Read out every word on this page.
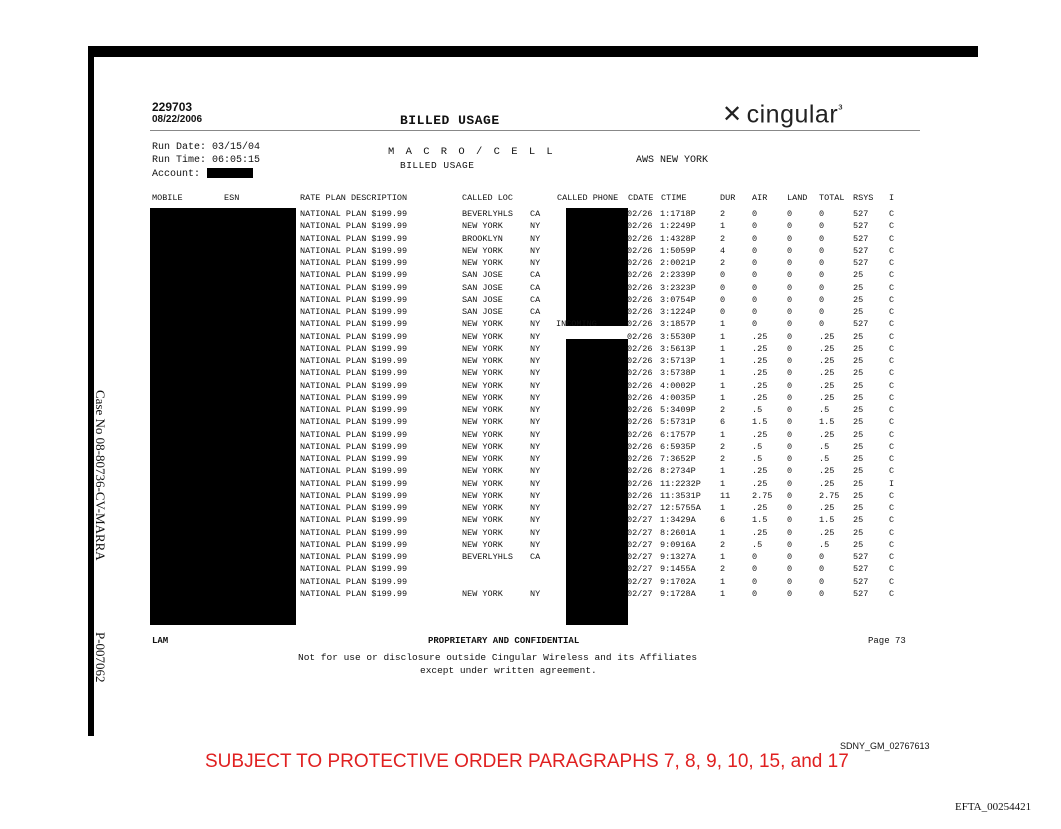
229703
08/22/2006	BILLED USAGE	✕ cingular$^ᵌ$
Run Date: 03/15/04
Run Time: 06:05:15
Account:
M A C R O / C E L L
BILLED USAGE	AWS NEW YORK
MOBILE	ESN	RATE PLAN DESCRIPTION	CALLED LOC	CALLED PHONE CDATE CTIME	DUR AIR LAND TOTAL RSYS I
NATIONAL PLAN $199.99	BEVERLYHLS CA	02/26 1:1718P	2	0	0	0	527 C
NATIONAL PLAN $199.99	NEW YORK	NY	02/26 1:2249P	1	0	0	0	527 C
NATIONAL PLAN $199.99	BROOKLYN	NY	02/26 1:4328P	2	0	0	0	527 C
NATIONAL PLAN $199.99	NEW YORK	NY	02/26 1:5059P	4	0	0	0	527 C
NATIONAL PLAN $199.99	NEW YORK	NY	02/26 2:0021P	2	0	0	0	527 C
NATIONAL PLAN $199.99	SAN JOSE	CA	02/26 2:2339P	0	0	0	0	25	C
NATIONAL PLAN $199.99	SAN JOSE	CA	02/26 3:2323P	0	0	0	0	25	C
NATIONAL PLAN $199.99	SAN JOSE	CA	02/26 3:0754P	0	0	0	0	25	C
NATIONAL PLAN $199.99	SAN JOSE	CA	02/26 3:1224P	0	0	0	0	25	C
NATIONAL PLAN $199.99	NEW YORK	NY INCOMING	02/26 3:1857P	1	0	0	0	527 C
NATIONAL PLAN $199.99	NEW YORK	NY	02/26 3:5530P	1	.25 0	.25 25	C
NATIONAL PLAN $199.99	NEW YORK	NY	02/26 3:5613P	1	.25 0	.25 25	C
NATIONAL PLAN $199.99	NEW YORK	NY	02/26 3:5713P	1	.25 0	.25 25	C
NATIONAL PLAN $199.99	NEW YORK	NY	02/26 3:5738P	1	.25 0	.25 25	C
NATIONAL PLAN $199.99	NEW YORK	NY	02/26 4:0002P	1	.25 0	.25 25	C
NATIONAL PLAN $199.99	NEW YORK	NY	02/26 4:0035P	1	.25 0	.25 25	C
NATIONAL PLAN $199.99	NEW YORK	NY	02/26 5:3409P	2	.5	0	.5	25	C
NATIONAL PLAN $199.99	NEW YORK	NY	02/26 5:5731P	6	1.5 0	1.5 25	C
NATIONAL PLAN $199.99	NEW YORK	NY	02/26 6:1757P	1	.25 0	.25 25	C
NATIONAL PLAN $199.99	NEW YORK	NY	02/26 6:5935P	2	.5	0	.5	25	C
NATIONAL PLAN $199.99	NEW YORK	NY	02/26 7:3652P	2	.5	0	.5	25	C
NATIONAL PLAN $199.99	NEW YORK	NY	02/26 8:2734P	1	.25 0	.25 25	C
NATIONAL PLAN $199.99	NEW YORK	NY	02/26 11:2232P 1	.25 0	.25 25	I
NATIONAL PLAN $199.99	NEW YORK	NY	02/26 11:3531P 11	2.75 0	2.75 25	C
NATIONAL PLAN $199.99	NEW YORK	NY	02/27 12:5755A 1	.25 0	.25 25	C
NATIONAL PLAN $199.99	NEW YORK	NY	02/27 1:3429A	6	1.5 0	1.5 25	C
NATIONAL PLAN $199.99	NEW YORK	NY	02/27 8:2601A	1	.25 0	.25 25	C
NATIONAL PLAN $199.99	NEW YORK	NY	02/27 9:0916A	2	.5	0	.5	25	C
NATIONAL PLAN $199.99	BEVERLYHLS CA	02/27 9:1327A	1	0	0	0	527 C
NATIONAL PLAN $199.99	02/27 9:1455A	2	0	0	0	527 C
NATIONAL PLAN $199.99	02/27 9:1702A	1	0	0	0	527 C
NATIONAL PLAN $199.99	NEW YORK	NY	02/27 9:1728A	1	0	0	0	527 C
LAM	PROPRIETARY AND CONFIDENTIAL	Page 73
Not for use or disclosure outside Cingular Wireless and its Affiliates
except under written agreement.
Case No 08-80736-CV-MARRA
P-007062
SDNY_GM_02767613
SUBJECT TO PROTECTIVE ORDER PARAGRAPHS 7, 8, 9, 10, 15, and 17
EFTA_00254421
